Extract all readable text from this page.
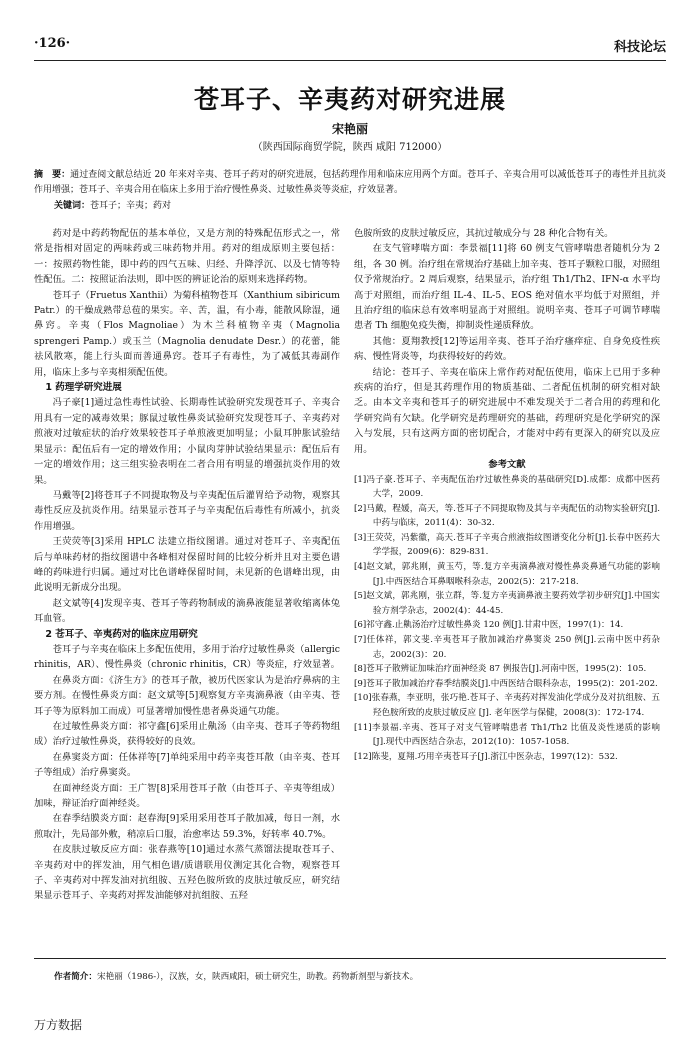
·126·	科技论坛
苍耳子、辛夷药对研究进展
宋艳丽
（陕西国际商贸学院，陕西 咸阳 712000）
摘　要：通过查阅文献总结近 20 年来对辛夷、苍耳子药对的研究进展，包括药理作用和临床应用两个方面。苍耳子、辛夷合用可以减低苍耳子的毒性并且抗炎作用增强；苍耳子、辛夷合用在临床上多用于治疗慢性鼻炎、过敏性鼻炎等炎症，疗效显著。
关键词：苍耳子；辛夷；药对

药对是中药药物配伍的基本单位，又是方剂的特殊配伍形式之一，常常是指相对固定的两味药或三味药物并用。药对的组成原则主要包括：一：按照药物性能，即中药的四气五味、归经、升降浮沉、以及七情等特性配伍。二：按照证治法则，即中医的辨证论治的原则来选择药物。

苍耳子（Fruetus Xanthii）为菊科植物苍耳（Xanthium sibiricum Patr.）的干燥成熟带总苞的果实。辛、苦，温，有小毒，能散风除湿，通鼻窍。辛夷（Flos Magnoliae）为木兰科植物辛夷（Magnolia sprengeri Pamp.）或玉兰（Magnolia denudate Desr.）的花蕾，能祛风散寒，能上行头面而善通鼻窍。苍耳子有毒性，为了减低其毒副作用，临床上多与辛夷相须配伍使。

1 药理学研究进展

冯子豪[1]通过急性毒性试验、长期毒性试验研究发现苍耳子、辛夷合用具有一定的减毒效果；豚鼠过敏性鼻炎试验研究发现苍耳子、辛夷药对煎液对过敏症状的治疗效果较苍耳子单煎液更加明显；小鼠耳肿胀试验结果显示：配伍后有一定的增效作用；小鼠肉芽肿试验结果显示：配伍后有一定的增效作用；这三组实验表明在二者合用有明显的增强抗炎作用的效果。

马戴等[2]将苍耳子不同提取物及与辛夷配伍后灌胃给予动物，观察其毒性反应及抗炎作用。结果显示苍耳子与辛夷配伍后毒性有所减小，抗炎作用增强。

王荧荧等[3]采用 HPLC 法建立指纹图谱。通过对苍耳子、辛夷配伍后与单味药材的指纹图谱中各峰相对保留时间的比较分析并且对主要色谱峰的药味进行归属。通过对比色谱峰保留时间，未见新的色谱峰出现，由此说明无新成分出现。

赵文斌等[4]发现辛夷、苍耳子等药物制成的滴鼻液能显著收缩离体兔耳血管。

2 苍耳子、辛夷药对的临床应用研究

苍耳子与辛夷在临床上多配伍使用，多用于治疗过敏性鼻炎（allergic rhinitis，AR）、慢性鼻炎（chronic rhinitis，CR）等炎症，疗效显著。

在鼻炎方面：《济生方》的苍耳子散，被历代医家认为是治疗鼻病的主要方剂。在慢性鼻炎方面：赵文斌等[5]观察复方辛夷滴鼻液（由辛夷、苍耳子等为原料加工而成）可显著增加慢性患者鼻炎通气功能。

在过敏性鼻炎方面：祁守鑫[6]采用止鼽汤（由辛夷、苍耳子等药物组成）治疗过敏性鼻炎，获得较好的良效。

在鼻窦炎方面：任体祥等[7]单纯采用中药辛夷苍耳散（由辛夷、苍耳子等组成）治疗鼻窦炎。

在面神经炎方面：王广智[8]采用苍耳子散（由苍耳子、辛夷等组成）加味，辩证治疗面神经炎。

在春季结膜炎方面：赵春海[9]采用采用苍耳子散加减，每日一剂，水煎取汁，先局部外敷，稍凉后口服，治愈率达 59.3%，好转率 40.7%。

在皮肤过敏反应方面：张春燕等[10]通过水蒸气蒸馏法提取苍耳子、辛夷药对中的挥发油，用气相色谱/质谱联用仪测定其化合物，观察苍耳子、辛夷药对中挥发油对抗组胺、五羟色胺所致的皮肤过敏反应，研究结果显示苍耳子、辛夷药对挥发油能够对抗组胺、五羟

色胺所致的皮肤过敏反应，其抗过敏成分与 28 种化合物有关。

在支气管哮喘方面：李景福[11]将 60 例支气管哮喘患者随机分为 2 组，各 30 例。治疗组在常规治疗基础上加辛夷、苍耳子颗粒口服，对照组仅予常规治疗。2 周后观察，结果显示，治疗组 Th1/Th2、IFN-α 水平均高于对照组，而治疗组 IL-4、IL-5、EOS 绝对值水平均低于对照组，并且治疗组的临床总有效率明显高于对照组。说明辛夷、苍耳子可调节哮喘患者 Th 细胞免疫失衡，抑制炎性递质释放。

其他：夏翔教授[12]等运用辛夷、苍耳子治疗瘙痒症、自身免疫性疾病、慢性肾炎等，均获得较好的药效。

结论：苍耳子、辛夷在临床上常作药对配伍使用，临床上已用于多种疾病的治疗，但是其药理作用的物质基础、二者配伍机制的研究相对缺乏。由本文辛夷和苍耳子的研究进展中不难发现关于二者合用的药理和化学研究尚有欠缺。化学研究是药理研究的基础，药理研究是化学研究的深入与发展，只有这两方面的密切配合，才能对中药有更深入的研究以及应用。

参考文献

[1]冯子豪.苍耳子、辛夷配伍治疗过敏性鼻炎的基础研究[D].成都：成都中医药大学，2009.

[2]马戴，程媛，高天，等.苍耳子不同提取物及其与辛夷配伍的动物实验研究[J].中药与临床，2011(4)：30-32.

[3]王荧荧，冯紫徽，高天.苍耳子辛夷合煎液指纹图谱变化分析[J].长春中医药大学学报，2009(6)：829-831.

[4]赵文斌，郭兆刚，黄玉芍，等.复方辛夷滴鼻液对慢性鼻炎鼻通气功能的影响[J].中西医结合耳鼻咽喉科杂志，2002(5)：217-218.

[5]赵文斌，郭兆刚，张立群，等.复方辛夷滴鼻液主要药效学初步研究[J].中国实验方剂学杂志，2002(4)：44-45.

[6]祁守鑫.止鼽汤治疗过敏性鼻炎 120 例[J].甘肃中医，1997(1)：14.

[7]任体祥，郭文斐.辛夷苍耳子散加减治疗鼻窦炎 250 例[J].云南中医中药杂志，2002(3)：20.

[8]苍耳子散辨证加味治疗面神经炎 87 例报告[J].河南中医，1995(2)：105.

[9]苍耳子散加减治疗春季结膜炎[J].中西医结合眼科杂志，1995(2)：201-202.

[10]张春燕，李亚明，张巧艳.苍耳子、辛夷药对挥发油化学成分及对抗组胺、五羟色胺所致的皮肤过敏反应 [J]. 老年医学与保健，2008(3)：172-174.

[11]李景福.辛夷、苍耳子对支气管哮喘患者 Th1/Th2 比值及炎性递质的影响[J].现代中西医结合杂志，2012(10)：1057-1058.

[12]陈斐，夏翔.巧用辛夷苍耳子[J].浙江中医杂志，1997(12)：532.

作者简介：宋艳丽（1986-），汉族，女，陕西咸阳，硕士研究生，助教。药物新剂型与新技术。
万方数据
